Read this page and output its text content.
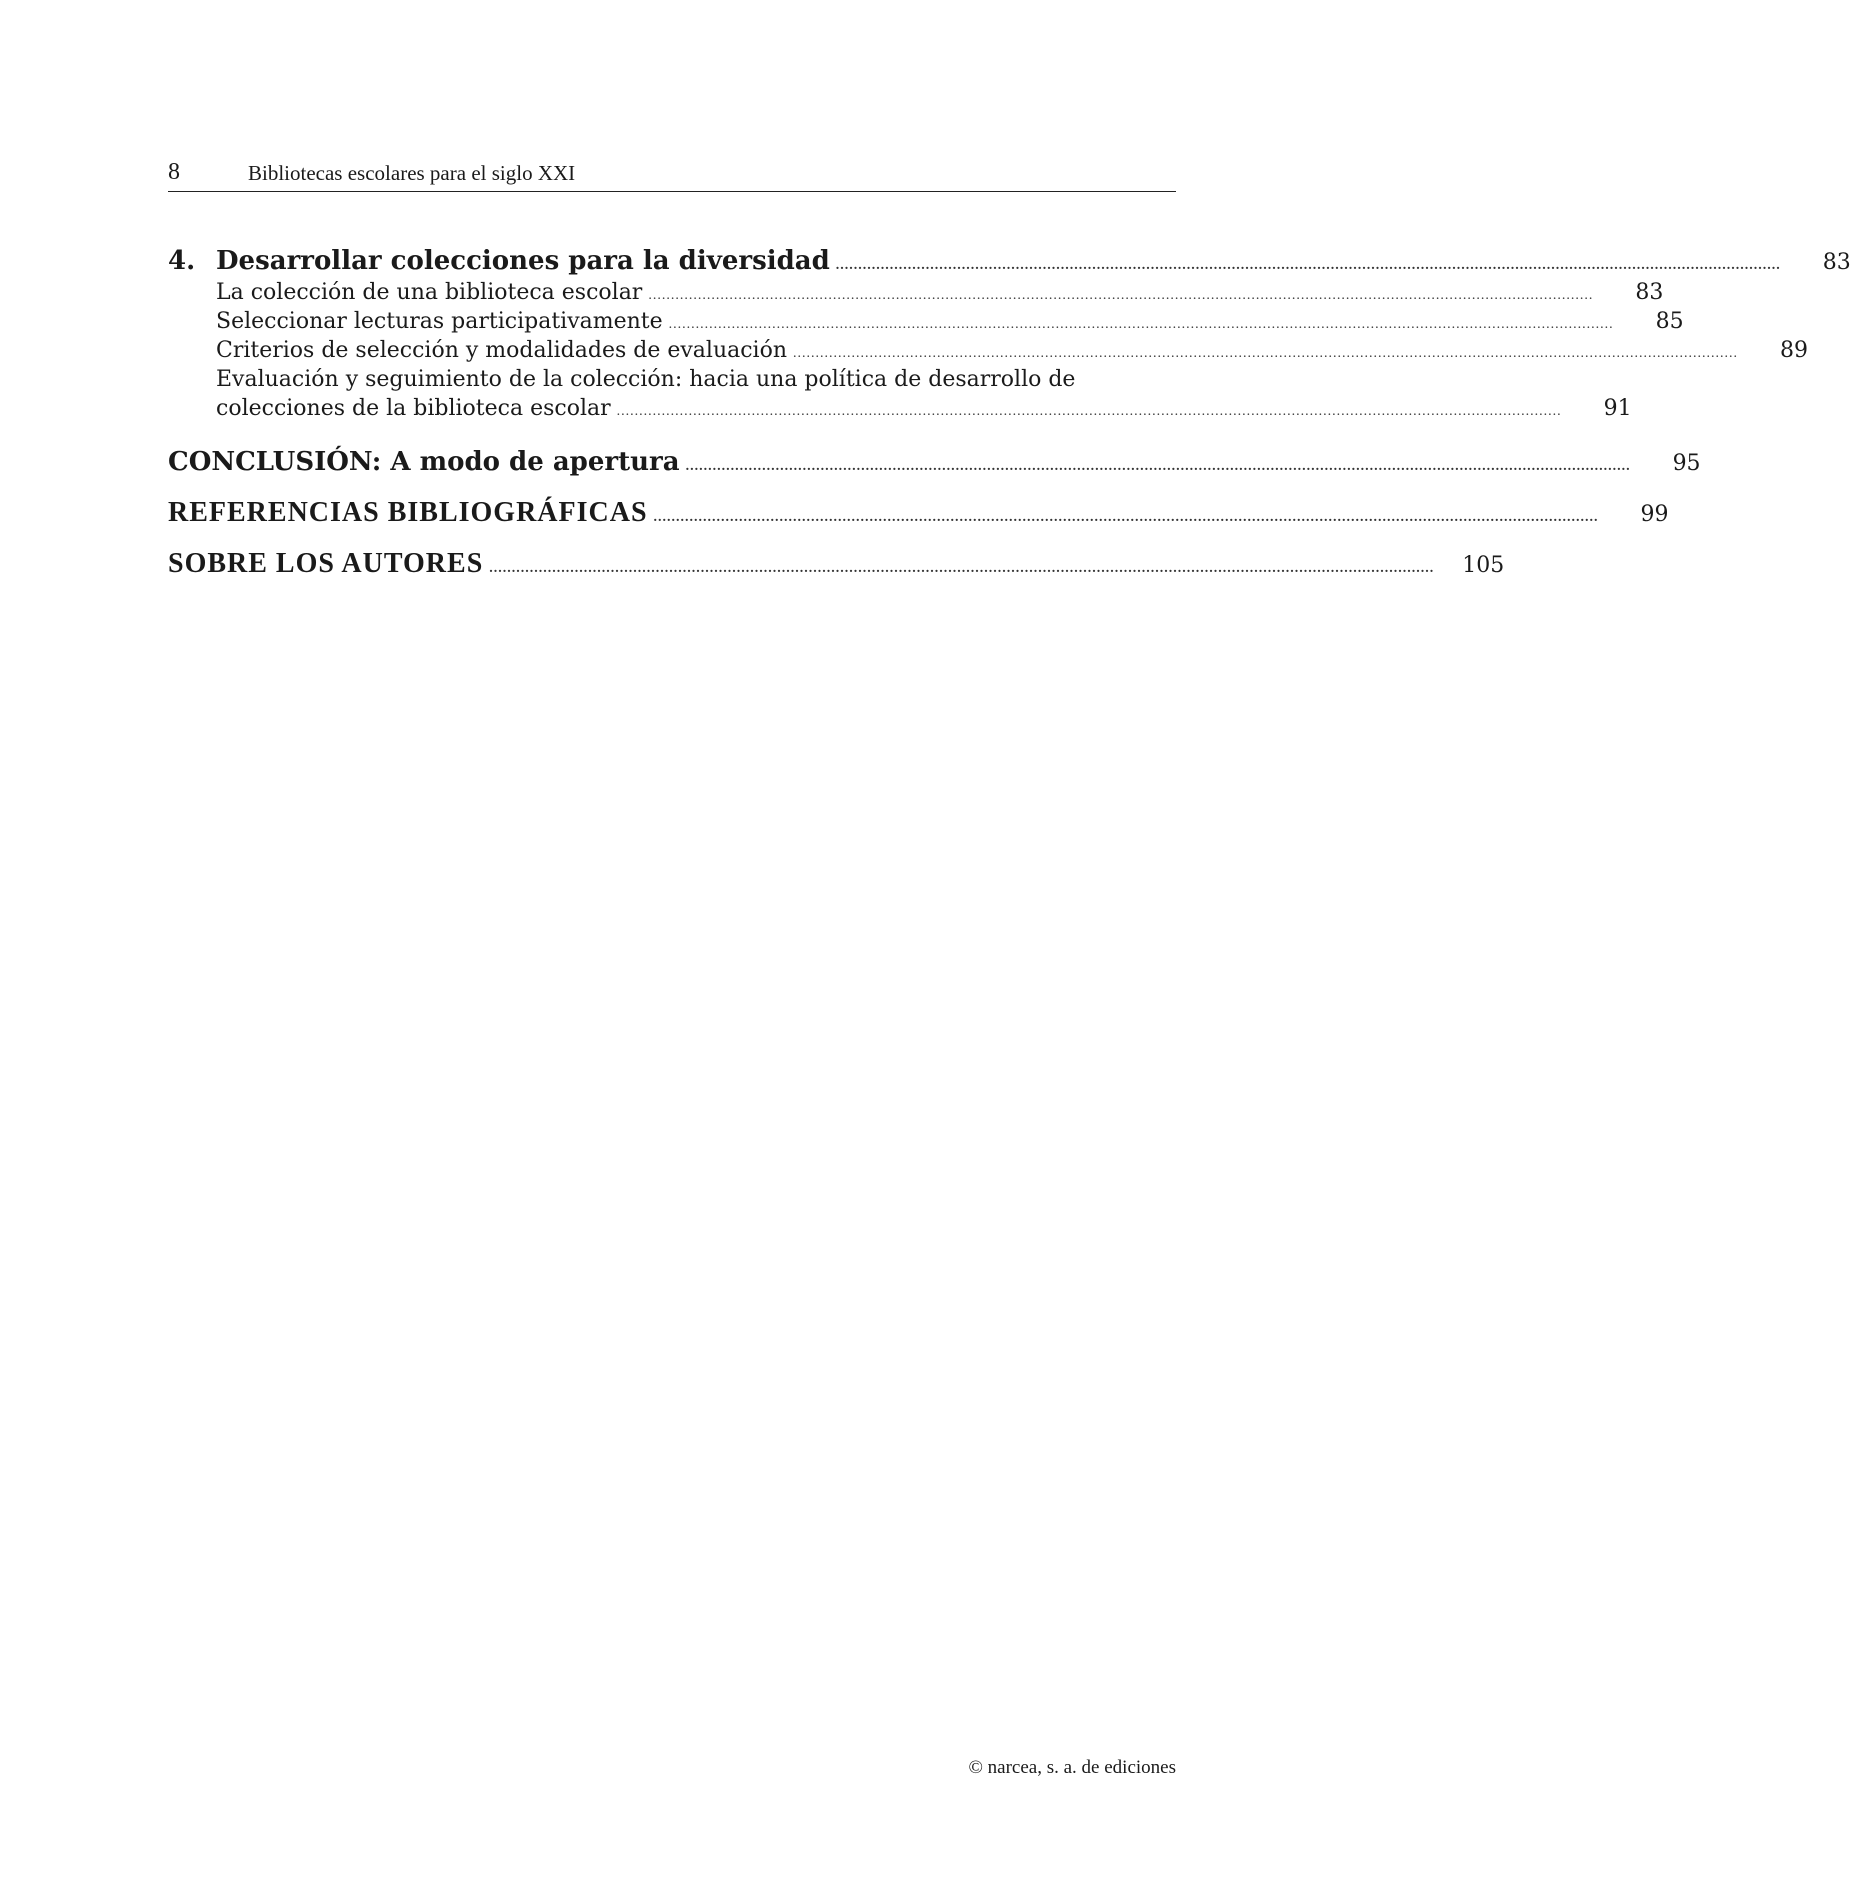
8	Bibliotecas escolares para el siglo XXI
4. Desarrollar colecciones para la diversidad ..................................................................................................................................................................................................................	83
La colección de una biblioteca escolar ..................................................................................................................................................................................................................	83
Seleccionar lecturas participativamente ..................................................................................................................................................................................................................	85
Criterios de selección y modalidades de evaluación ..................................................................................................................................................................................................................	89
Evaluación y seguimiento de la colección: hacia una política de desarrollo de
colecciones de la biblioteca escolar ..................................................................................................................................................................................................................	91
CONCLUSIÓN: A modo de apertura ..................................................................................................................................................................................................................	95
REFERENCIAS BIBLIOGRÁFICAS ..................................................................................................................................................................................................................	99
SOBRE LOS AUTORES ..................................................................................................................................................................................................................	105
© narcea, s. a. de ediciones
